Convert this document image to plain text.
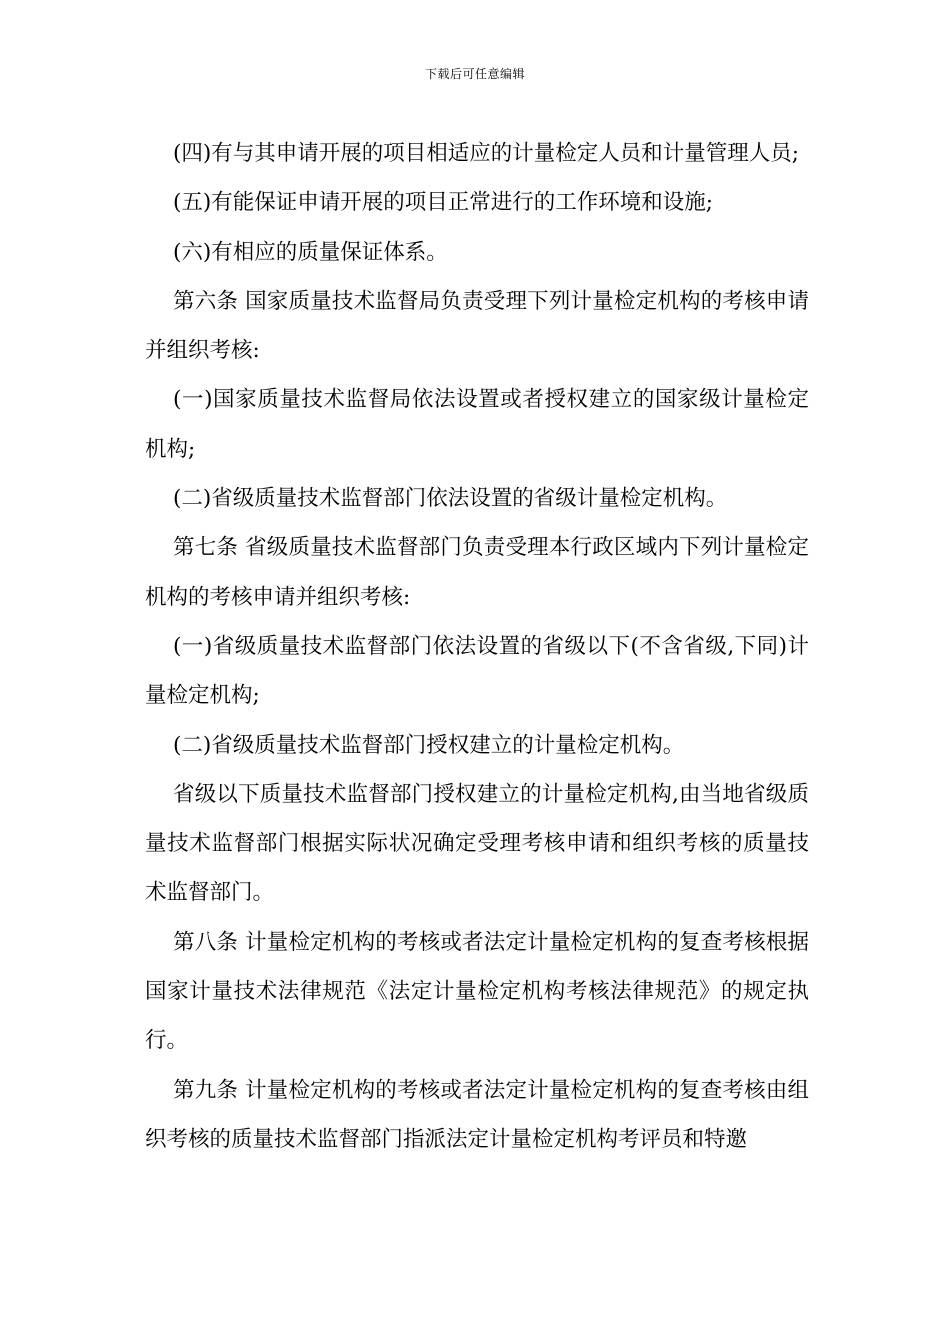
下载后可任意编辑

(四)有与其申请开展的项目相适应的计量检定人员和计量管理人员;

(五)有能保证申请开展的项目正常进行的工作环境和设施;

(六)有相应的质量保证体系。

第六条 国家质量技术监督局负责受理下列计量检定机构的考核申请并组织考核:

(一)国家质量技术监督局依法设置或者授权建立的国家级计量检定机构;

(二)省级质量技术监督部门依法设置的省级计量检定机构。

第七条 省级质量技术监督部门负责受理本行政区域内下列计量检定机构的考核申请并组织考核:

(一)省级质量技术监督部门依法设置的省级以下(不含省级,下同)计量检定机构;

(二)省级质量技术监督部门授权建立的计量检定机构。

省级以下质量技术监督部门授权建立的计量检定机构,由当地省级质量技术监督部门根据实际状况确定受理考核申请和组织考核的质量技术监督部门。

第八条 计量检定机构的考核或者法定计量检定机构的复查考核根据国家计量技术法律规范《法定计量检定机构考核法律规范》的规定执行。

第九条 计量检定机构的考核或者法定计量检定机构的复查考核由组织考核的质量技术监督部门指派法定计量检定机构考评员和特邀
